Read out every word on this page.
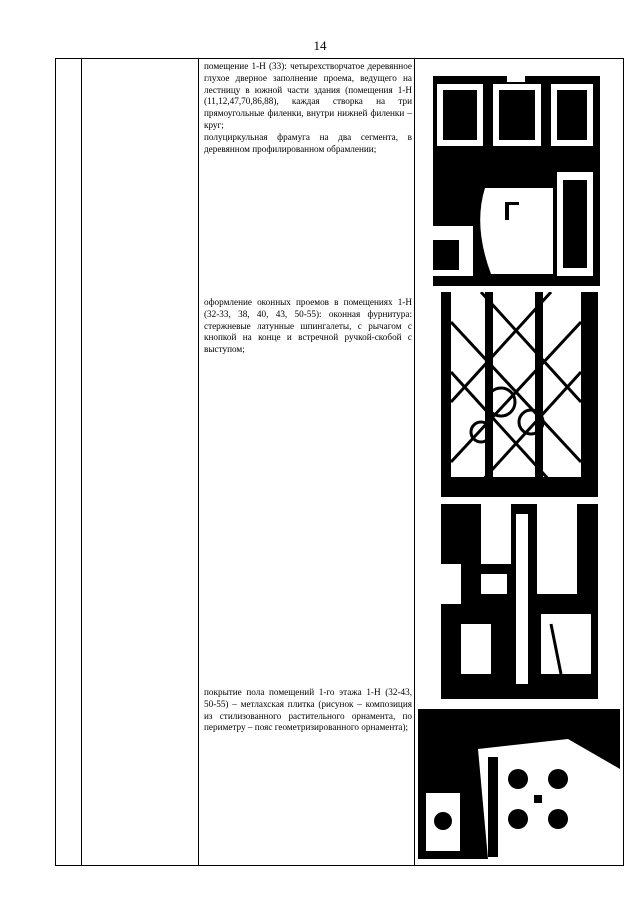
14
помещение 1-Н (33): четырехстворчатое деревянное глухое дверное заполнение проема, ведущего на лестницу в южной части здания (помещения 1-Н (11,12,47,70,86,88), каждая створка на три прямоугольные филенки, внутри нижней филенки – круг;
полуциркульная фрамуга на два сегмента, в деревянном профилированном обрамлении;
оформление оконных проемов в помещениях 1-Н (32-33, 38, 40, 43, 50-55): оконная фурнитура: стержневые латунные шпингалеты, с рычагом с кнопкой на конце и встречной ручкой-скобой с выступом;
покрытие пола помещений 1-го этажа 1-Н (32-43, 50-55) – метлахская плитка (рисунок – композиция из стилизованного растительного орнамента, по периметру – пояс геометризированного орнамента);
